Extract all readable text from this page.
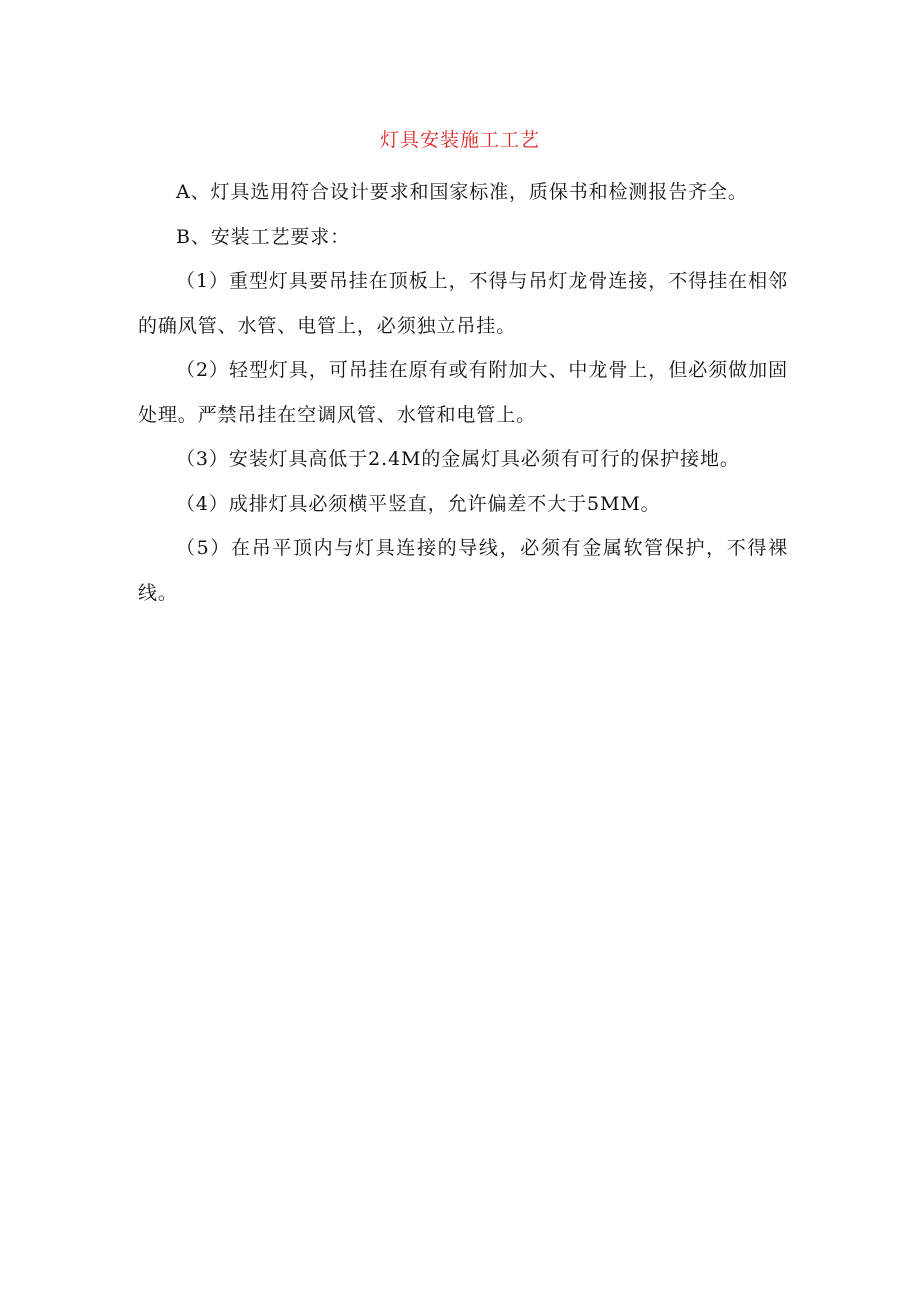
灯具安装施工工艺

A、灯具选用符合设计要求和国家标准，质保书和检测报告齐全。

B、安装工艺要求：

（1）重型灯具要吊挂在顶板上，不得与吊灯龙骨连接，不得挂在相邻的确风管、水管、电管上，必须独立吊挂。

（2）轻型灯具，可吊挂在原有或有附加大、中龙骨上，但必须做加固处理。严禁吊挂在空调风管、水管和电管上。

（3）安装灯具高低于2.4M的金属灯具必须有可行的保护接地。

（4）成排灯具必须横平竖直，允许偏差不大于5MM。

（5）在吊平顶内与灯具连接的导线，必须有金属软管保护，不得裸线。
